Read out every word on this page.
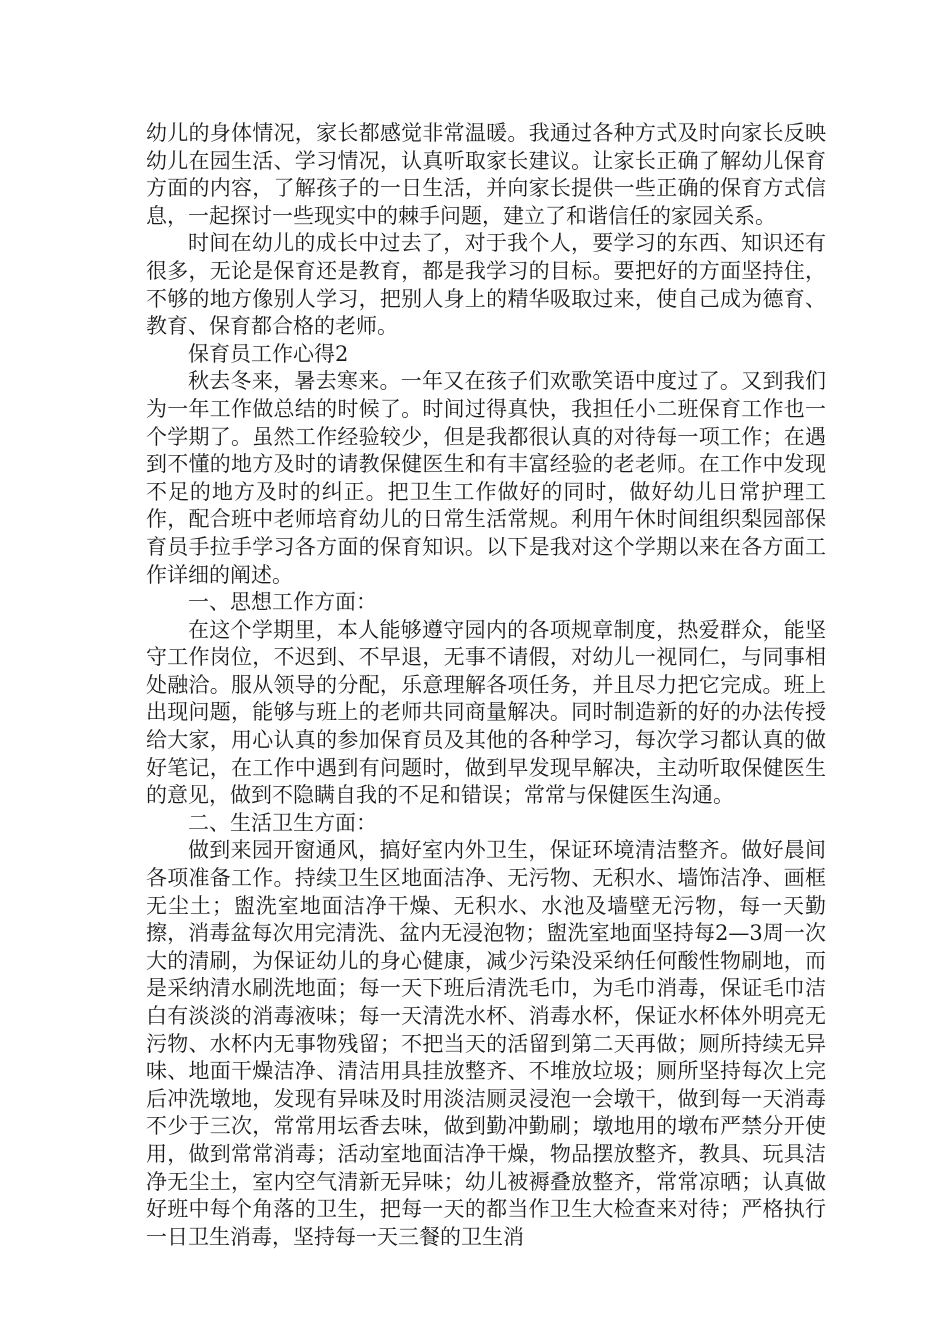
幼儿的身体情况，家长都感觉非常温暖。我通过各种方式及时向家长反映幼儿在园生活、学习情况，认真听取家长建议。让家长正确了解幼儿保育方面的内容，了解孩子的一日生活，并向家长提供一些正确的保育方式信息，一起探讨一些现实中的棘手问题，建立了和谐信任的家园关系。

时间在幼儿的成长中过去了，对于我个人，要学习的东西、知识还有很多，无论是保育还是教育，都是我学习的目标。要把好的方面坚持住，不够的地方像别人学习，把别人身上的精华吸取过来，使自己成为德育、教育、保育都合格的老师。

保育员工作心得2

秋去冬来，暑去寒来。一年又在孩子们欢歌笑语中度过了。又到我们为一年工作做总结的时候了。时间过得真快，我担任小二班保育工作也一个学期了。虽然工作经验较少，但是我都很认真的对待每一项工作；在遇到不懂的地方及时的请教保健医生和有丰富经验的老老师。在工作中发现不足的地方及时的纠正。把卫生工作做好的同时，做好幼儿日常护理工作，配合班中老师培育幼儿的日常生活常规。利用午休时间组织梨园部保育员手拉手学习各方面的保育知识。以下是我对这个学期以来在各方面工作详细的阐述。

一、思想工作方面：

在这个学期里，本人能够遵守园内的各项规章制度，热爱群众，能坚守工作岗位，不迟到、不早退，无事不请假，对幼儿一视同仁，与同事相处融洽。服从领导的分配，乐意理解各项任务，并且尽力把它完成。班上出现问题，能够与班上的老师共同商量解决。同时制造新的好的办法传授给大家，用心认真的参加保育员及其他的各种学习，每次学习都认真的做好笔记，在工作中遇到有问题时，做到早发现早解决，主动听取保健医生的意见，做到不隐瞒自我的不足和错误；常常与保健医生沟通。

二、生活卫生方面：

做到来园开窗通风，搞好室内外卫生，保证环境清洁整齐。做好晨间各项准备工作。持续卫生区地面洁净、无污物、无积水、墙饰洁净、画框无尘土；盥洗室地面洁净干燥、无积水、水池及墙壁无污物，每一天勤擦，消毒盆每次用完清洗、盆内无浸泡物；盥洗室地面坚持每2—3周一次大的清刷，为保证幼儿的身心健康，减少污染没采纳任何酸性物刷地，而是采纳清水刷洗地面；每一天下班后清洗毛巾，为毛巾消毒，保证毛巾洁白有淡淡的消毒液味；每一天清洗水杯、消毒水杯，保证水杯体外明亮无污物、水杯内无事物残留；不把当天的活留到第二天再做；厕所持续无异味、地面干燥洁净、清洁用具挂放整齐、不堆放垃圾；厕所坚持每次上完后冲洗墩地，发现有异味及时用淡洁厕灵浸泡一会墩干，做到每一天消毒不少于三次，常常用坛香去味，做到勤冲勤刷；墩地用的墩布严禁分开使用，做到常常消毒；活动室地面洁净干燥，物品摆放整齐，教具、玩具洁净无尘土，室内空气清新无异味；幼儿被褥叠放整齐，常常凉晒；认真做好班中每个角落的卫生，把每一天的都当作卫生大检查来对待；严格执行一日卫生消毒，坚持每一天三餐的卫生消
